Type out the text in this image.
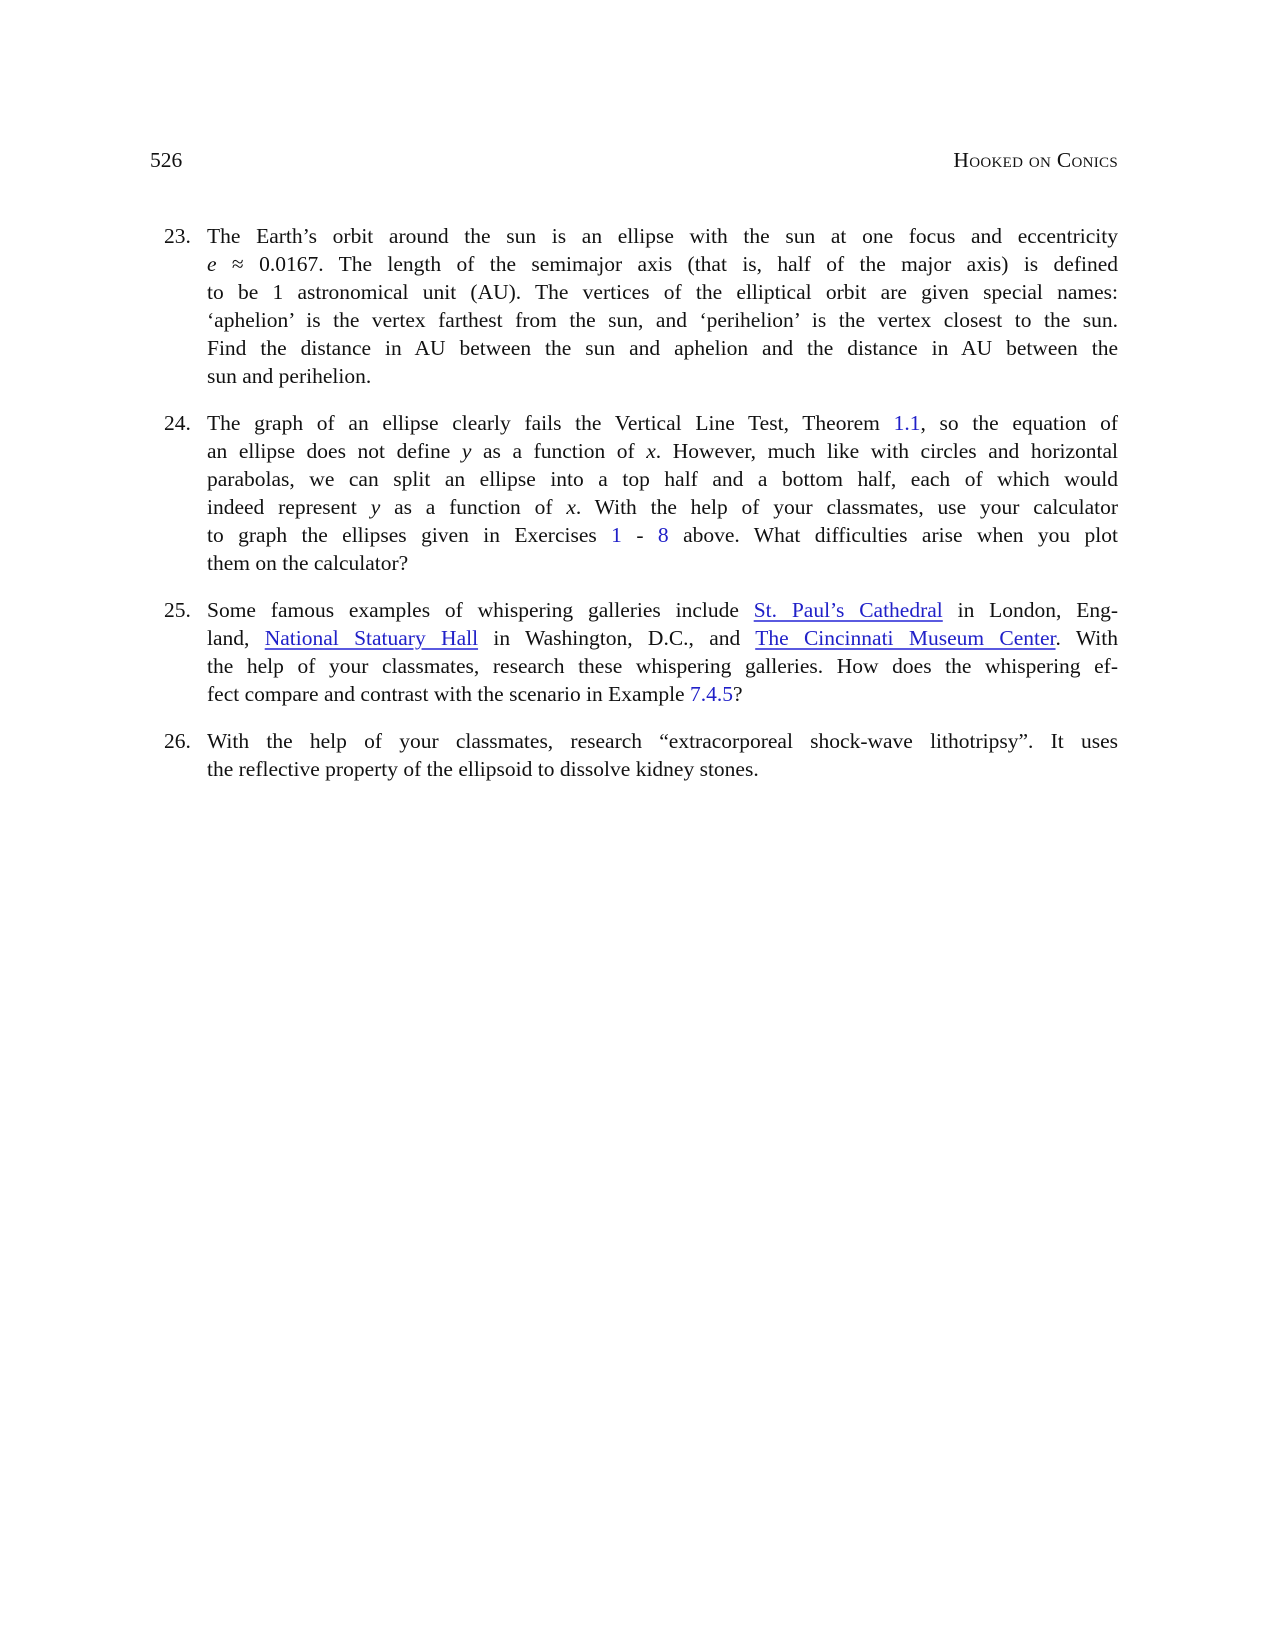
526	Hooked on Conics
23. The Earth’s orbit around the sun is an ellipse with the sun at one focus and eccentricity
e ≈ 0.0167. The length of the semimajor axis (that is, half of the major axis) is defined
to be 1 astronomical unit (AU). The vertices of the elliptical orbit are given special names:
‘aphelion’ is the vertex farthest from the sun, and ‘perihelion’ is the vertex closest to the sun.
Find the distance in AU between the sun and aphelion and the distance in AU between the
sun and perihelion.
24. The graph of an ellipse clearly fails the Vertical Line Test, Theorem 1.1, so the equation of
an ellipse does not define y as a function of x. However, much like with circles and horizontal
parabolas, we can split an ellipse into a top half and a bottom half, each of which would
indeed represent y as a function of x. With the help of your classmates, use your calculator
to graph the ellipses given in Exercises 1 - 8 above. What difficulties arise when you plot
them on the calculator?
25. Some famous examples of whispering galleries include St. Paul’s Cathedral in London, Eng-
land, National Statuary Hall in Washington, D.C., and The Cincinnati Museum Center. With
the help of your classmates, research these whispering galleries. How does the whispering ef-
fect compare and contrast with the scenario in Example 7.4.5?
26. With the help of your classmates, research “extracorporeal shock-wave lithotripsy”. It uses
the reflective property of the ellipsoid to dissolve kidney stones.
